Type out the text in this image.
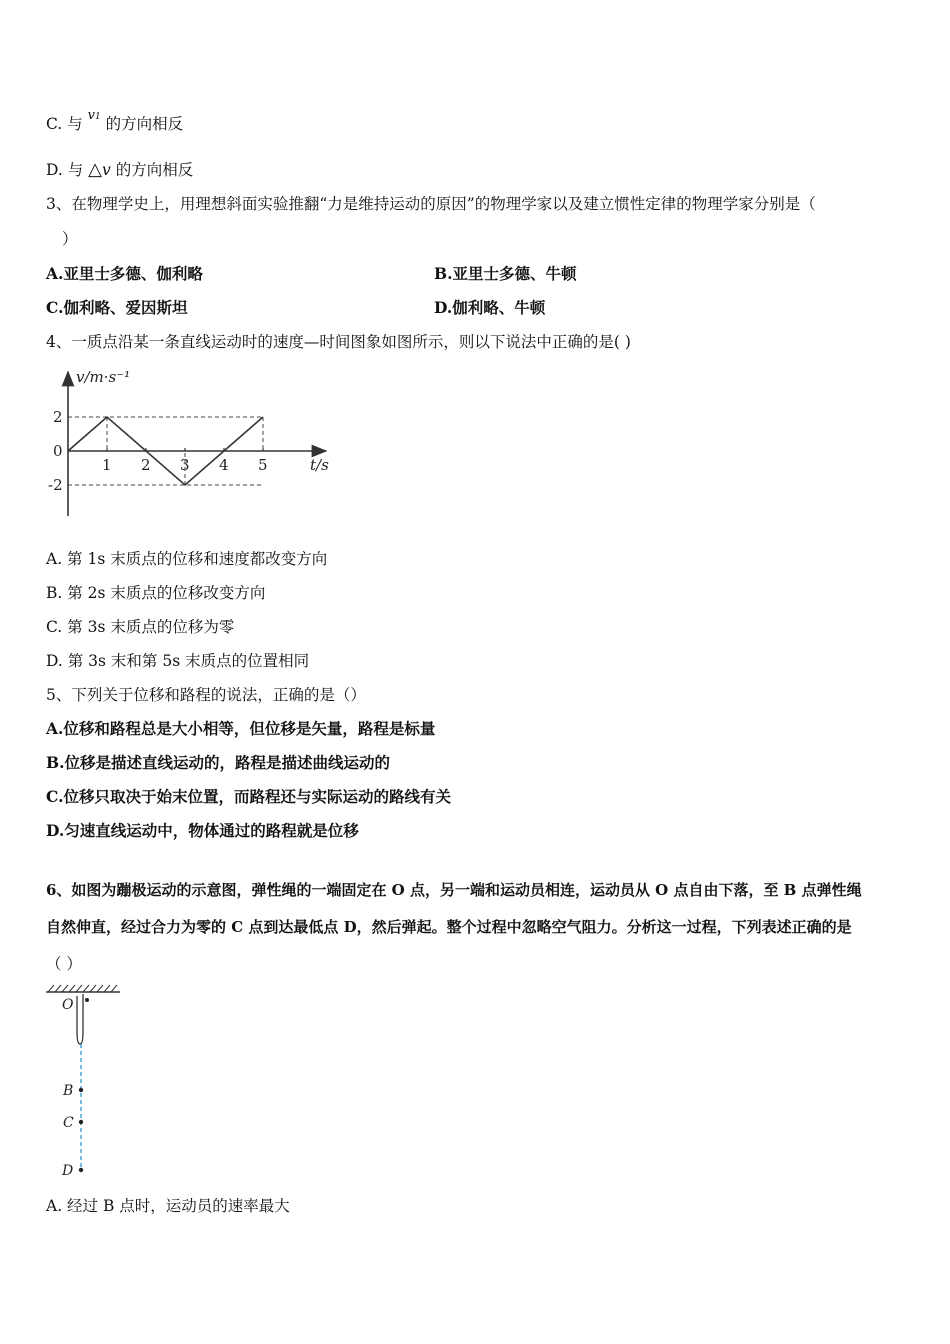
C. 与 $^{v1}$ 的方向相反
D. 与 △v 的方向相反
3、在物理学史上，用理想斜面实验推翻“力是维持运动的原因”的物理学家以及建立惯性定律的物理学家分别是（
）
A.亚里士多德、伽利略	B.亚里士多德、牛顿
C.伽利略、爱因斯坦	D.伽利略、牛顿
4、一质点沿某一条直线运动时的速度—时间图象如图所示，则以下说法中正确的是( )
v/m·s⁻¹
t/s
1 2 3 4 5
2
0
-2
A. 第 1s 末质点的位移和速度都改变方向
B. 第 2s 末质点的位移改变方向
C. 第 3s 末质点的位移为零
D. 第 3s 末和第 5s 末质点的位置相同
5、下列关于位移和路程的说法，正确的是（）
A.位移和路程总是大小相等，但位移是矢量，路程是标量
B.位移是描述直线运动的，路程是描述曲线运动的
C.位移只取决于始末位置，而路程还与实际运动的路线有关
D.匀速直线运动中，物体通过的路程就是位移
6、如图为蹦极运动的示意图，弹性绳的一端固定在 O 点，另一端和运动员相连，运动员从 O 点自由下落，至 B 点弹性绳
自然伸直，经过合力为零的 C 点到达最低点 D，然后弹起。整个过程中忽略空气阻力。分析这一过程，下列表述正确的是
（ ）
O
B
C
D
A. 经过 B 点时，运动员的速率最大
